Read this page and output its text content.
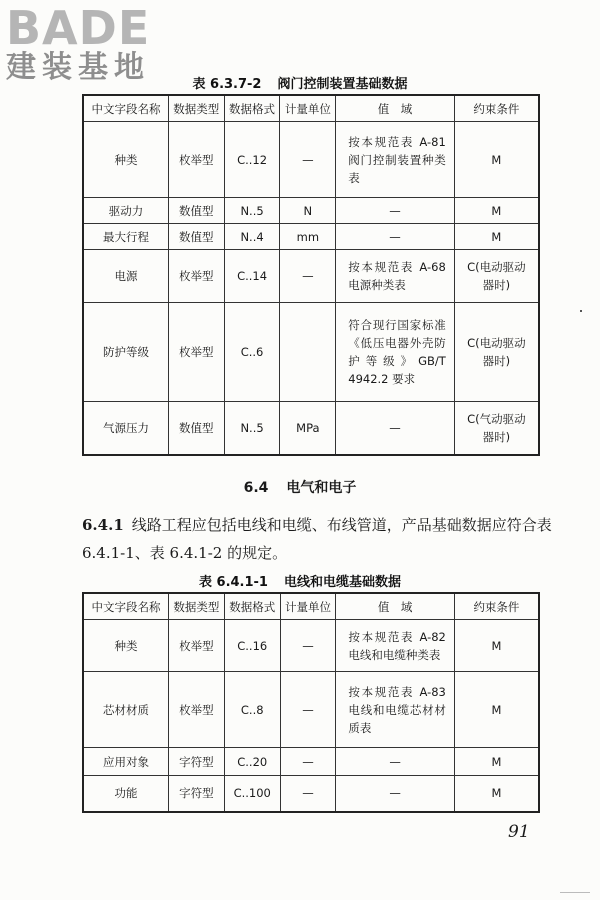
BADE
建装基地	表 6.3.7-2 阀门控制装置基础数据
中文字段名称	数据类型	数据格式	计量单位	值　域	约束条件
种类	枚举型	C..12	—	按本规范表 A-81 阀门控制装置种类表	M
驱动力	数值型	N..5	N	—	M
最大行程	数值型	N..4	mm	—	M
电源	枚举型	C..14	—	按本规范表 A-68 电源种类表	C(电动驱动器时)
防护等级	枚举型	C..6		符合现行国家标准《低压电器外壳防护等级》GB/T 4942.2 要求	C(电动驱动器时)
气源压力	数值型	N..5	MPa	—	C(气动驱动器时)
6.4 电气和电子
6.4.1 线路工程应包括电线和电缆、布线管道，产品基础数据应符合表 6.4.1-1、表 6.4.1-2 的规定。
表 6.4.1-1 电线和电缆基础数据
中文字段名称	数据类型	数据格式	计量单位	值　域	约束条件
种类	枚举型	C..16	—	按本规范表 A-82 电线和电缆种类表	M
芯材材质	枚举型	C..8	—	按本规范表 A-83 电线和电缆芯材材质表	M
应用对象	字符型	C..20	—	—	M
功能	字符型	C..100	—	—	M
91
